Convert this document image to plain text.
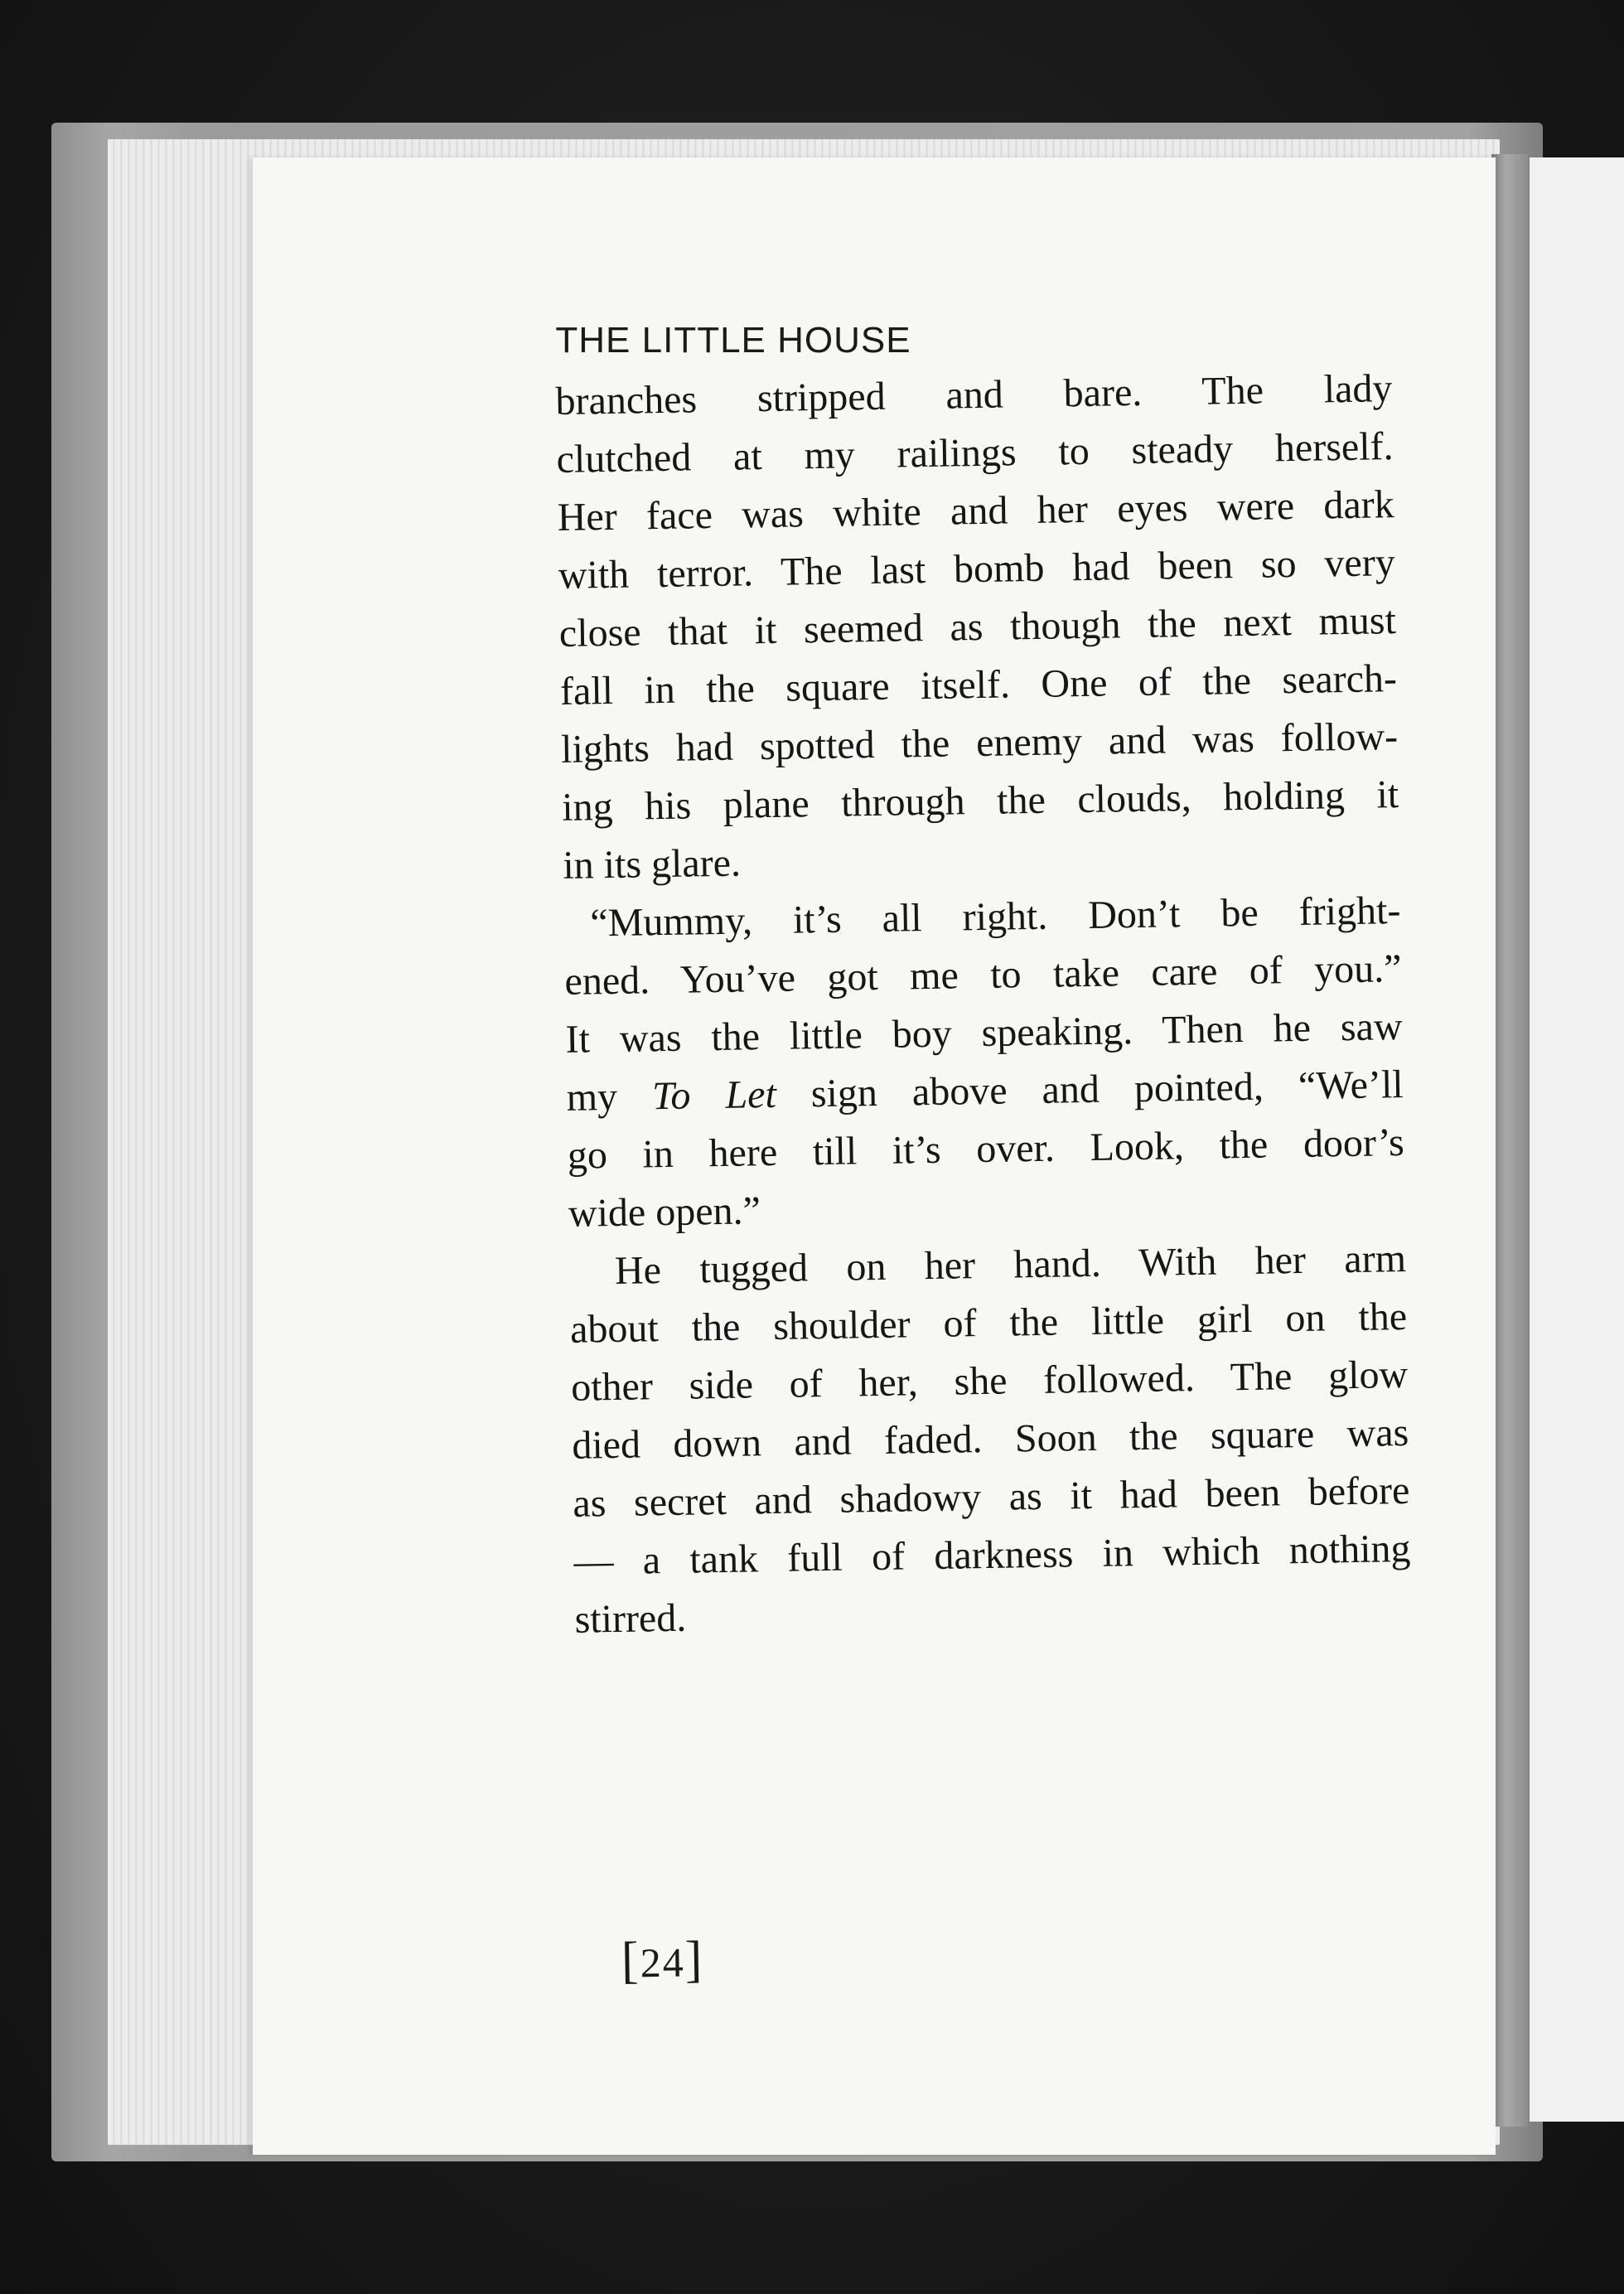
THE LITTLE HOUSE

branches stripped and bare. The lady
clutched at my railings to steady herself.
Her face was white and her eyes were dark
with terror. The last bomb had been so very
close that it seemed as though the next must
fall in the square itself. One of the search-
lights had spotted the enemy and was follow-
ing his plane through the clouds, holding it
in its glare.

“Mummy, it’s all right. Don’t be fright-
ened. You’ve got me to take care of you.”
It was the little boy speaking. Then he saw
my To Let sign above and pointed, “We’ll
go in here till it’s over. Look, the door’s
wide open.”

He tugged on her hand. With her arm
about the shoulder of the little girl on the
other side of her, she followed. The glow
died down and faded. Soon the square was
as secret and shadowy as it had been before
— a tank full of darkness in which nothing
stirred.

[24]
